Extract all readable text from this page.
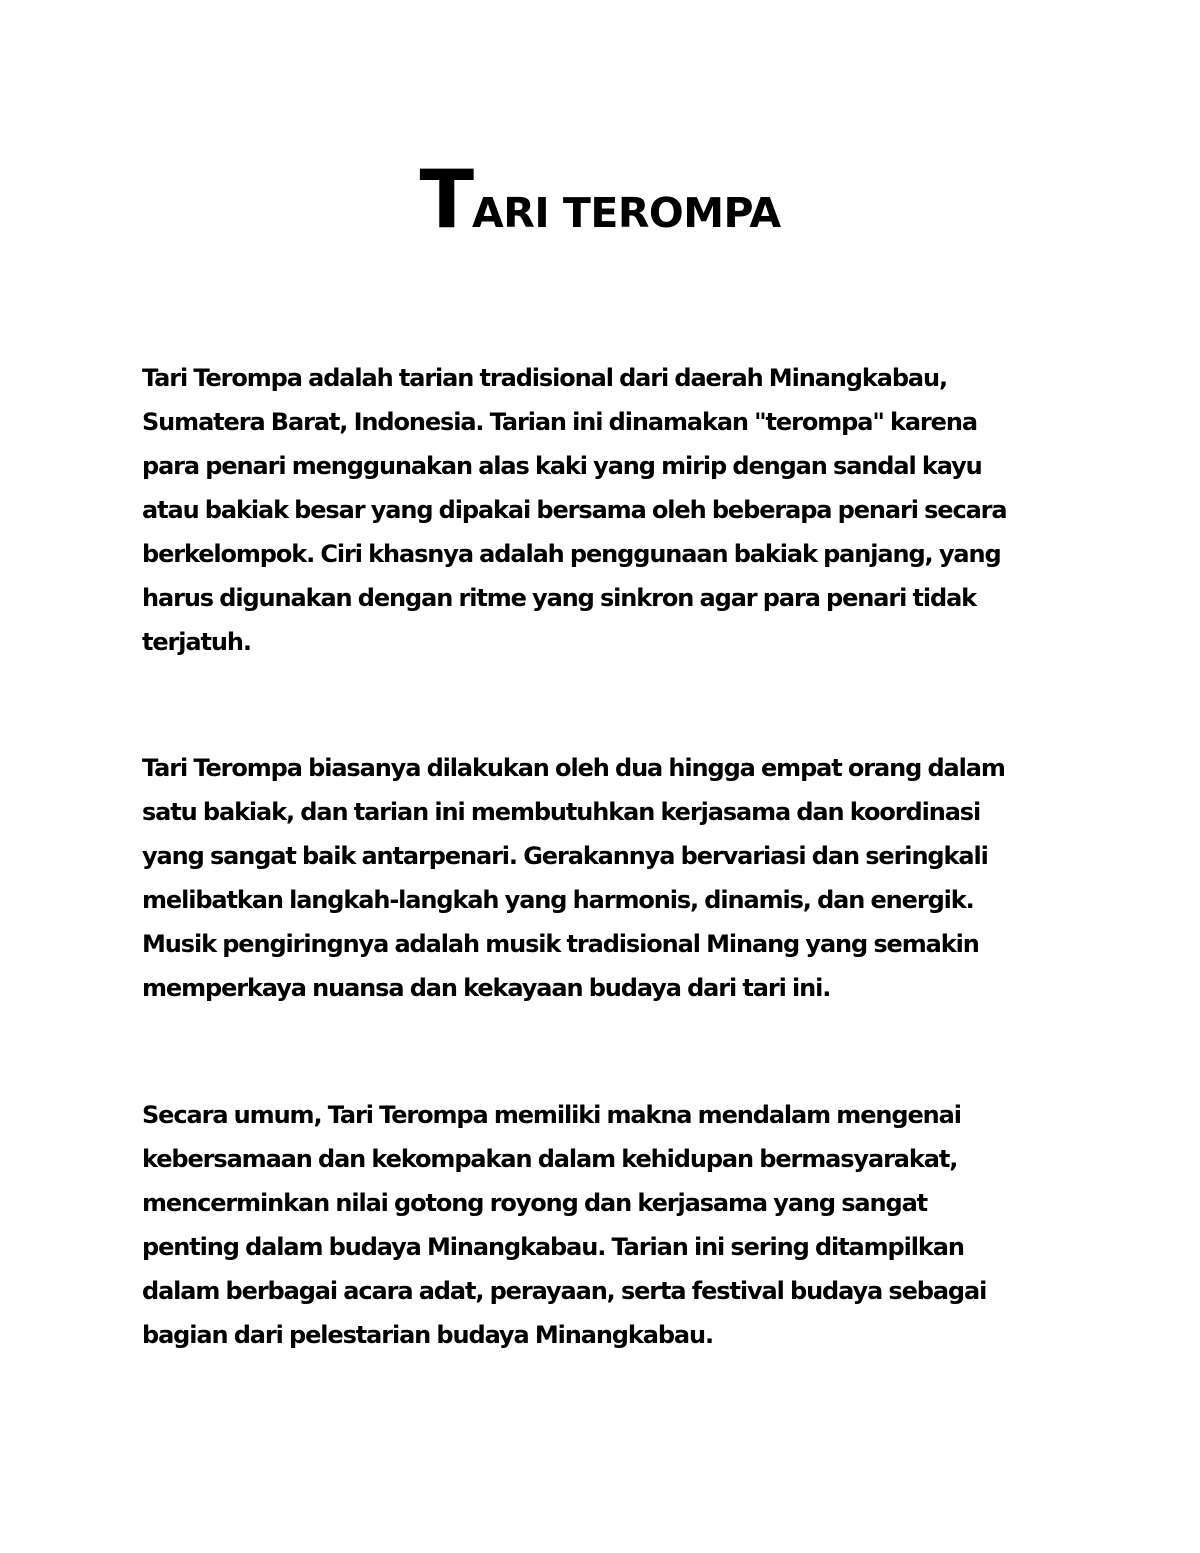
TARI TEROMPA

Tari Terompa adalah tarian tradisional dari daerah Minangkabau,
Sumatera Barat, Indonesia. Tarian ini dinamakan "terompa" karena
para penari menggunakan alas kaki yang mirip dengan sandal kayu
atau bakiak besar yang dipakai bersama oleh beberapa penari secara
berkelompok. Ciri khasnya adalah penggunaan bakiak panjang, yang
harus digunakan dengan ritme yang sinkron agar para penari tidak
terjatuh.

Tari Terompa biasanya dilakukan oleh dua hingga empat orang dalam
satu bakiak, dan tarian ini membutuhkan kerjasama dan koordinasi
yang sangat baik antarpenari. Gerakannya bervariasi dan seringkali
melibatkan langkah-langkah yang harmonis, dinamis, dan energik.
Musik pengiringnya adalah musik tradisional Minang yang semakin
memperkaya nuansa dan kekayaan budaya dari tari ini.

Secara umum, Tari Terompa memiliki makna mendalam mengenai
kebersamaan dan kekompakan dalam kehidupan bermasyarakat,
mencerminkan nilai gotong royong dan kerjasama yang sangat
penting dalam budaya Minangkabau. Tarian ini sering ditampilkan
dalam berbagai acara adat, perayaan, serta festival budaya sebagai
bagian dari pelestarian budaya Minangkabau.
